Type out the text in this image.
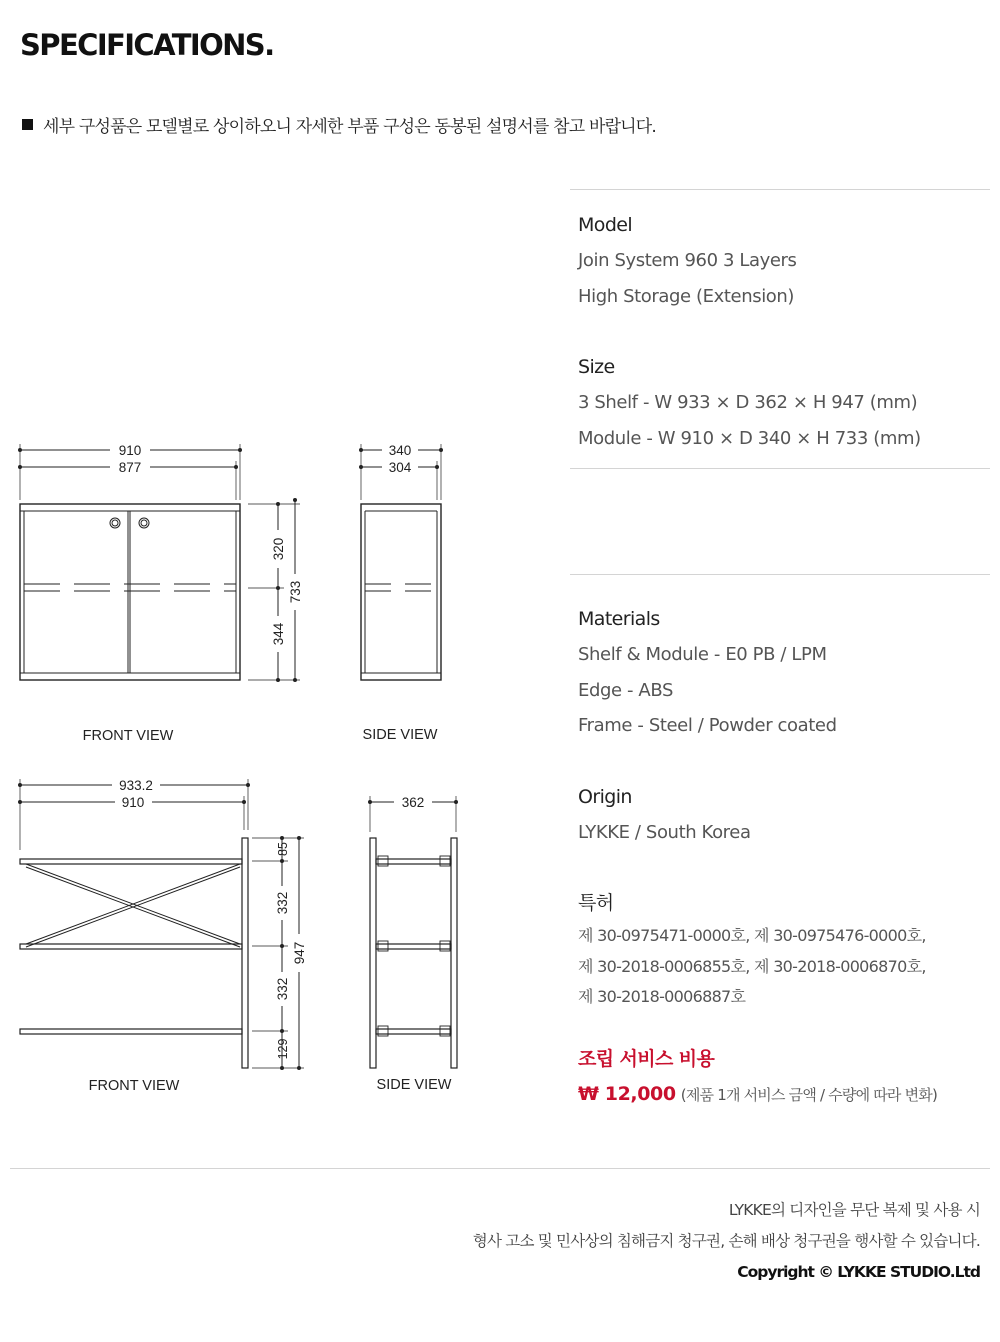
SPECIFICATIONS.
세부 구성품은 모델별로 상이하오니 자세한 부품 구성은 동봉된 설명서를 참고 바랍니다.
910
877
320
344
733
FRONT VIEW
340
304
SIDE VIEW
933.2
910
85
332
332
129
947
FRONT VIEW
362
SIDE VIEW
Model
Join System 960 3 Layers
High Storage (Extension)
Size
3 Shelf - W 933 × D 362 × H 947 (mm)
Module - W 910 × D 340 × H 733 (mm)
Materials
Shelf & Module - E0 PB / LPM
Edge - ABS
Frame - Steel / Powder coated
Origin
LYKKE / South Korea
특허
제 30-0975471-0000호, 제 30-0975476-0000호,
제 30-2018-0006855호, 제 30-2018-0006870호,
제 30-2018-0006887호
조립 서비스 비용
₩ 12,000 (제품 1개 서비스 금액 / 수량에 따라 변화)
LYKKE의 디자인을 무단 복제 및 사용 시
형사 고소 및 민사상의 침해금지 청구권, 손해 배상 청구권을 행사할 수 있습니다.
Copyright © LYKKE STUDIO.Ltd
